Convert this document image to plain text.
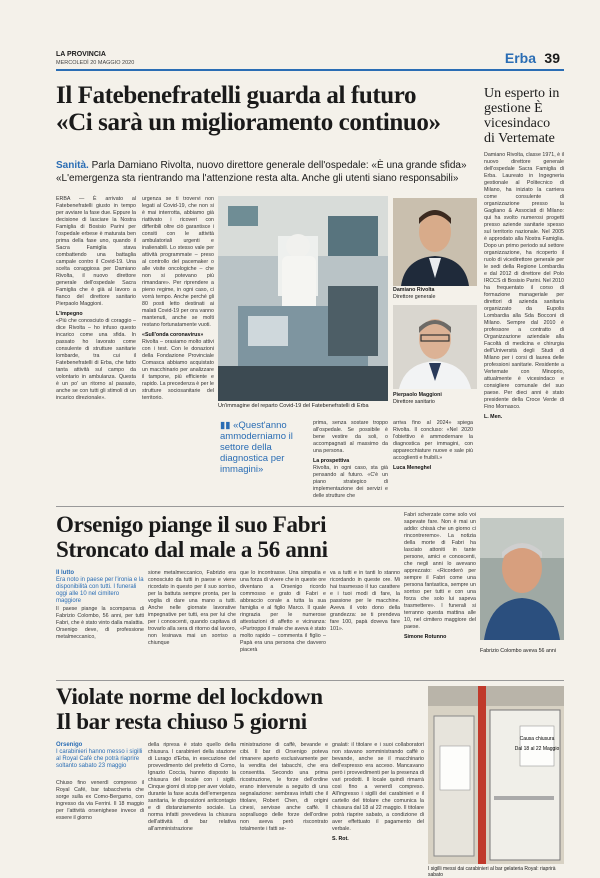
LA PROVINCIA
MERCOLEDÌ 20 MAGGIO 2020	Erba 39
Il Fatebenefratelli guarda al futuro
«Ci sarà un miglioramento continuo»
Sanità. Parla Damiano Rivolta, nuovo direttore generale dell'ospedale: «È una grande sfida» «L'emergenza sta rientrando ma l'attenzione resta alta. Anche gli utenti siano responsabili»
ERBA — È arrivato al Fatebenefratelli giusto in tempo per avviare la fase due. Eppure la decisione di lasciare la Nostra Famiglia di Bosisio Parini per l'ospedale erbese è maturata ben prima della fase uno, quando il Sacra Famiglia stava combattendo una battaglia campale contro il Covid-19. Una scelta coraggiosa per Damiano Rivolta, il nuovo direttore generale dell'ospedale Sacra Famiglia che è già al lavoro a fianco del direttore sanitario Pierpaolo Maggioni.
L'impegno
«Più che conosciuto di coraggio – dice Rivolta – ho infuso questo incarico come una sfida. In passato ho lavorato come consulente di strutture sanitarie lombarde, tra cui il Fatebenefratelli di Erba, che fatto tanta attività sul campo da volontario in ambulanza. Questa è un po' un ritorno al passato, anche se con tutti gli stimoli di un incarico direzionale».
urgenza se ti trovervi non legati al Covid-19, che non si è mai interrotta, abbiamo già riattivato i ricoveri con differibili oltre ciò garantisce i consiti con le attività ambulatoriali urgenti e inalienabili. Lo stesso vale per attività programmate – preso al controllo del pacemaker o alle visite oncologiche – che non si potevano più rimandare». Per riprendere a pieno regime, in ogni caso, ci vorrà tempo. Anche perché gli 80 posti letto destinati ai malati Covid-19 per ora vanno mantenuti, anche se molti restano fortunatamente vuoti.
«Sull'onda coronavirus»
Rivolta – orasiamo molto attivi con i test. Con le donazioni della Fondazione Provinciale Comasca abbiamo acquistato un macchinario per analizzare il tampone, più efficiente e rapido. La precedenza è per le strutture sociosanitarie del territorio.
Un'immagine del reparto Covid-19 del Fatebenefratelli di Erba
▮▮ «Quest'anno ammoderniamo il settore della diagnostica per immagini»
prima, senza sostare troppo all'ospedale. Se possibile è bene vestire da soli, o accompagnati al massimo da una persona.
La prospettiva
Rivolta, in ogni caso, sta già pensando al futuro. «C'è un piano strategico di implementazione dei servizi e delle strutture che
arriva fino al 2024» spiega Rivolta. Il concluso: «Nel 2020 l'obiettivo è ammodernare la diagnostica per immagini, con apparecchiature nuove e sale più accoglienti e fruibili.»
Luca Meneghel
Damiano Rivolta
Direttore generale
Pierpaolo Maggioni
Direttore sanitario
Un esperto in gestione È vicesindaco di Vertemate
Damiano Rivolta, classe 1971, è il nuovo direttore generale dell'ospedale Sacra Famiglia di Erba. Laureato in Ingegneria gestionale al Politecnico di Milano, ha iniziato la carriera come consulente di organizzazione presso la Gagliano & Associati di Milano: qui ha svolto numerosi progetti presso aziende sanitarie spesso sul territorio nazionale. Nel 2005 è approdato alla Nostra Famiglia. Dopo un primo periodo sul settore organizzazione, ha ricoperto il ruolo di vicedirettore generale per le sedi della Regione Lombardia e dal 2012 di direttore del Polo IRCCS di Bosisio Parini. Nel 2010 ha frequentato il corso di formazione manageriale per direttori di azienda sanitaria organizzato da Eupolis Lombardia alla Sda Bocconi di Milano. Sempre dal 2010 è professore a contratto di Organizzazione aziendale alla Facoltà di medicina e chirurgia dell'Università degli Studi di Milano per i corsi di laurea delle professioni sanitarie. Residente a Vertemate con Minoprio, attualmente è vicesindaco e consigliere comunale del suo paese. Per dieci anni è stato presidente della Croce Verde di Fino Mornasco.
L. Men.
Orsenigo piange il suo Fabri
Stroncato dal male a 56 anni
Il lutto
Era noto in paese per l'ironia e la disponibilità con tutti. I funerali oggi alle 10 nel cimitero maggiore
Il paese piange la scomparsa di Fabrizio Colombo, 56 anni, per tutti Fabri, che è stato vinto dalla malattia. Orsenigo deve, di professione metalmeccanico,
sione metalmeccanico, Fabrizio era conosciuto da tutti in paese e viene ricordato in questo per il suo sorriso, per la battuta sempre pronta, per la voglia di dare una mano a tutti. Anche nelle giornate lavorative impegnative per tutti, era per lui che per i conoscenti, quando capitava di trovarlo alla sera di ritorno dal lavoro, non lesinava mai un sorriso a chiunque
que lo incontrasse. Una simpatia e una forza di vivere che in queste ore diventano a Orsenigo ricordo commosso e grato di Fabri e abbraccio corale a tutta la sua famiglia e al figlio Marco. Il quale ringrazia per le numerose attestazioni di affetto e vicinanza: «Purtroppo il male che aveva è stato molto rapido – commenta il figlio – Papà era una persona che davvero piacerà
va a tutti e in tanti lo stanno ricordando in queste ore. Mi hai trasmesso il tuo carattere e i tuoi modi di fare, la passione per le macchine. Aveva il voto dono della grandezza: se ti prendeva fare 100, papà doveva fare 101».
Fabri scherzate come solo voi sapevate fare. Non è mai un addio: chissà che un giorno ci rincontreremo». La notizia della morte di Fabri ha lasciato attoniti in tante persone, amici e conoscenti, che negli anni lo avevano apprezzato: «Ricorderò per sempre il Fabri come una persona fantastica, sempre un sorriso per tutti e con una forza che solo lui sapeva trasmettere». I funerali si terranno questa mattina alle 10, nel cimitero maggiore del paese.
Simone Rotunno
Fabrizio Colombo aveva 56 anni
Violate norme del lockdown
Il bar resta chiuso 5 giorni
Orsenigo
I carabinieri hanno messo i sigilli al Royal Café che potrà riaprire soltanto sabato 23 maggio
Chiuso fino venerdì compreso il Royal Café, bar tabaccheria che sorge sulla ex Como-Bergamo, con ingresso da via Ferrini. Il 18 maggio per l'attività orsenighese invece di essere il giorno
della ripresa è stato quello della chiusura. I carabinieri della stazione di Lurago d'Erba, in esecuzione del provvedimento del prefetto di Como, Ignazio Coccia, hanno disposto la chiusura del locale con i sigilli. Cinque giorni di stop per aver violato, durante la fase acuta dell'emergenza sanitaria, le disposizioni anticontagio e di distanziamento sociale. La norma infatti prevedeva la chiusura dell'attività di bar relativa all'amministrazione
ministrazione di caffè, bevande e cibi. Il bar di Orsenigo poteva rimanere aperto esclusivamente per la vendita dei tabacchi, che era consentita. Secondo una prima ricostruzione, le forze dell'ordine erano intervenute a seguito di una segnalazione: sembrava infatti che il titolare, Robert Chen, di origini cinesi, servisse anche caffè. Il sopralluogo delle forze dell'ordine non aveva però riscontrato totalmente i fatti se-
gnalati: il titolare e i suoi collaboratori non stavano somministrando caffè o bevande, anche se il macchinario dell'espresso era acceso. Mancavano però i provvedimenti per la presenza di vari prodotti. Il locale quindi rimarrà così fino a venerdì compreso. All'ingresso i sigilli dei carabinieri e il cartello del titolare che comunica la chiusura dal 18 al 22 maggio. Il titolare potrà riaprire sabato, a condizione di aver effettuato il pagamento del verbale.
S. Rot.
Causa chiusura
Dal 18 al 22 Maggio
I sigilli messi dai carabinieri al bar gelateria Royal: riaprirà sabato
